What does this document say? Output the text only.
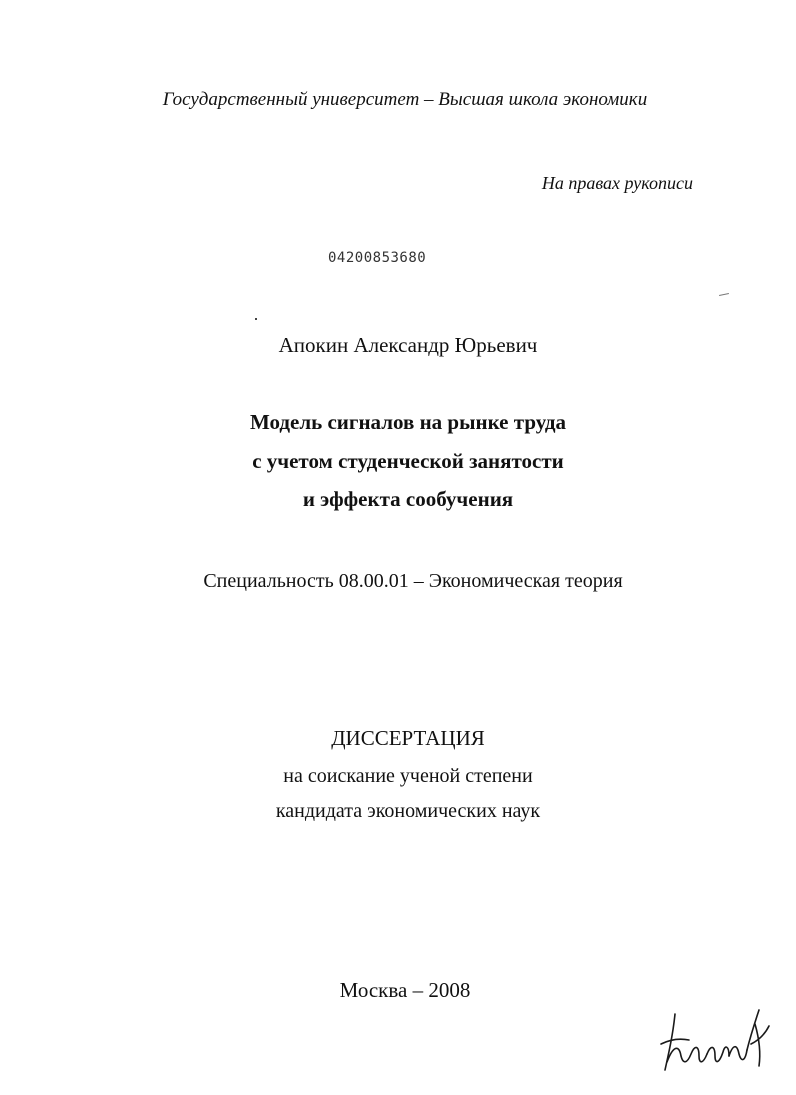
Государственный университет – Высшая школа экономики
На правах рукописи
04200853680
Апокин Александр Юрьевич
Модель сигналов на рынке труда
с учетом студенческой занятости
и эффекта сообучения
Специальность 08.00.01 – Экономическая теория
ДИССЕРТАЦИЯ
на соискание ученой степени
кандидата экономических наук
Москва – 2008
